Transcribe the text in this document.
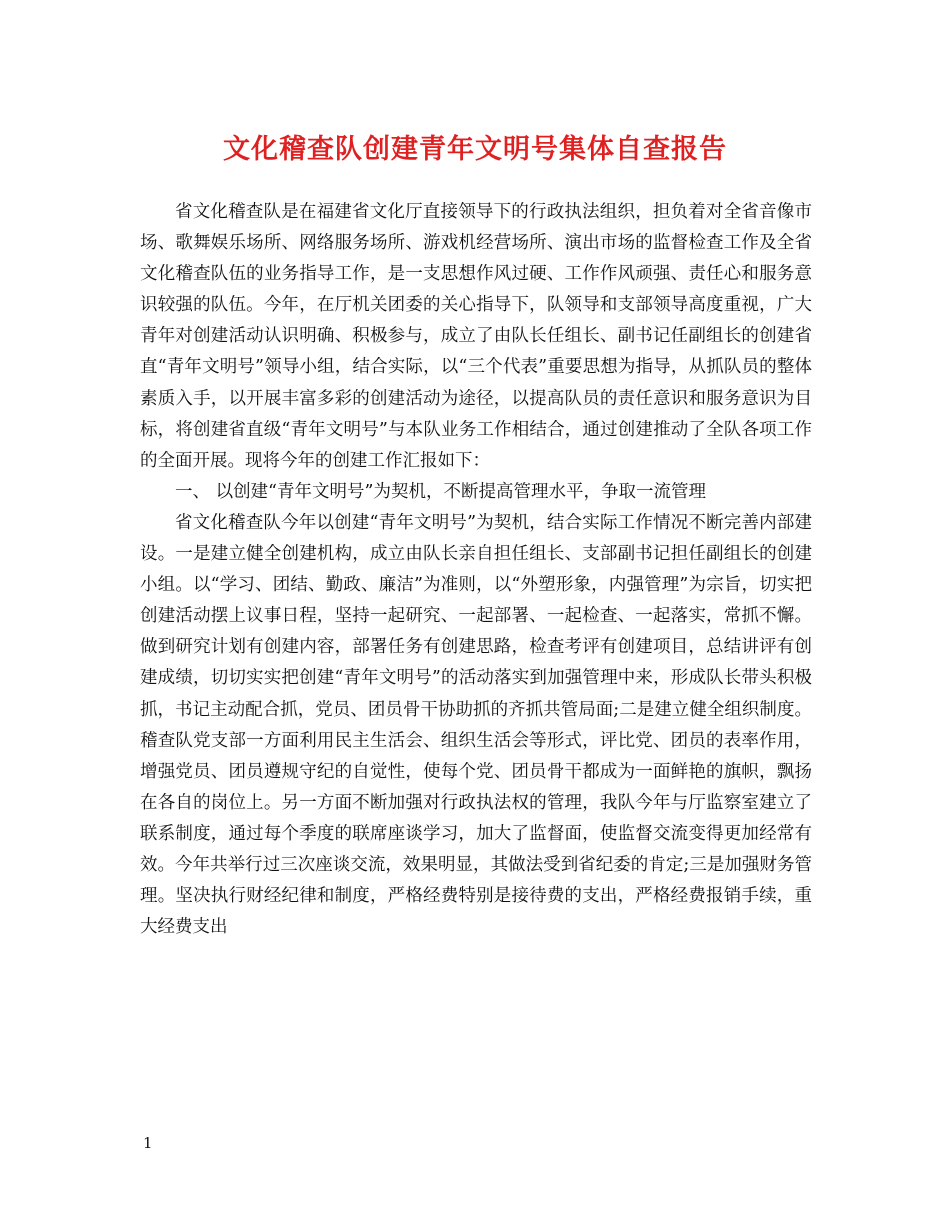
文化稽查队创建青年文明号集体自查报告

省文化稽查队是在福建省文化厅直接领导下的行政执法组织，担负着对全省音像市场、歌舞娱乐场所、网络服务场所、游戏机经营场所、演出市场的监督检查工作及全省文化稽查队伍的业务指导工作，是一支思想作风过硬、工作作风顽强、责任心和服务意识较强的队伍。今年，在厅机关团委的关心指导下，队领导和支部领导高度重视，广大青年对创建活动认识明确、积极参与，成立了由队长任组长、副书记任副组长的创建省直“青年文明号”领导小组，结合实际，以“三个代表”重要思想为指导，从抓队员的整体素质入手，以开展丰富多彩的创建活动为途径，以提高队员的责任意识和服务意识为目标，将创建省直级“青年文明号”与本队业务工作相结合，通过创建推动了全队各项工作的全面开展。现将今年的创建工作汇报如下：

一、 以创建“青年文明号”为契机，不断提高管理水平，争取一流管理

省文化稽查队今年以创建“青年文明号”为契机，结合实际工作情况不断完善内部建设。一是建立健全创建机构，成立由队长亲自担任组长、支部副书记担任副组长的创建小组。以“学习、团结、勤政、廉洁”为准则，以“外塑形象，内强管理”为宗旨，切实把创建活动摆上议事日程，坚持一起研究、一起部署、一起检查、一起落实，常抓不懈。做到研究计划有创建内容，部署任务有创建思路，检查考评有创建项目，总结讲评有创建成绩，切切实实把创建“青年文明号”的活动落实到加强管理中来，形成队长带头积极抓，书记主动配合抓，党员、团员骨干协助抓的齐抓共管局面;二是建立健全组织制度。稽查队党支部一方面利用民主生活会、组织生活会等形式，评比党、团员的表率作用，增强党员、团员遵规守纪的自觉性，使每个党、团员骨干都成为一面鲜艳的旗帜，飘扬在各自的岗位上。另一方面不断加强对行政执法权的管理，我队今年与厅监察室建立了联系制度，通过每个季度的联席座谈学习，加大了监督面，使监督交流变得更加经常有效。今年共举行过三次座谈交流，效果明显，其做法受到省纪委的肯定;三是加强财务管理。坚决执行财经纪律和制度，严格经费特别是接待费的支出，严格经费报销手续，重大经费支出

1
